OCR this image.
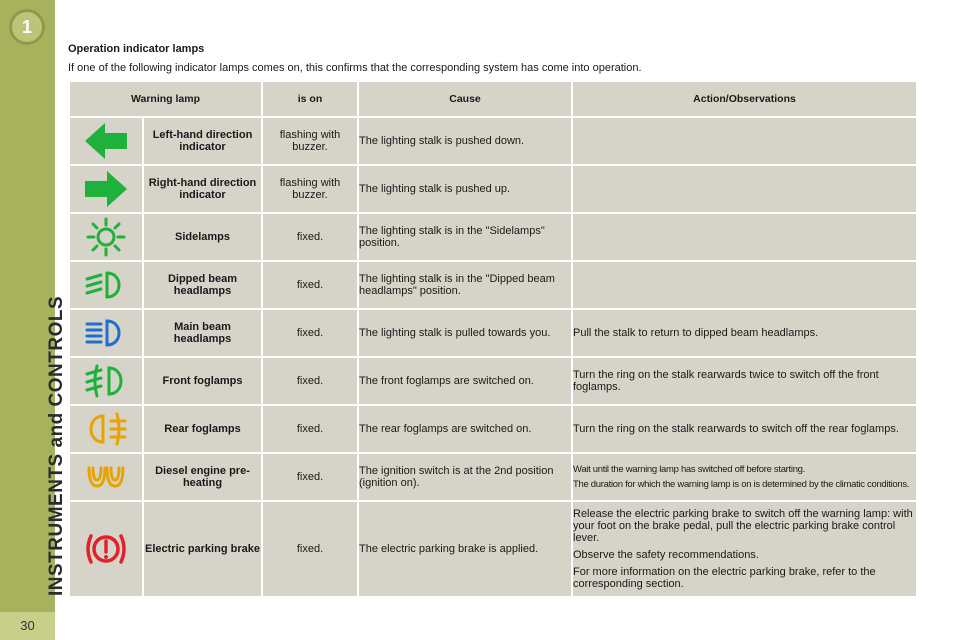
1
INSTRUMENTS and CONTROLS
30
Operation indicator lamps
If one of the following indicator lamps comes on, this confirms that the corresponding system has come into operation.
Warning lamp		is on	Cause	Action/Observations

	Left-hand direction indicator	flashing with buzzer.	The lighting stalk is pushed down.	

	Right-hand direction indicator	flashing with buzzer.	The lighting stalk is pushed up.	

	Sidelamps	fixed.	The lighting stalk is in the "Sidelamps" position.	

	Dipped beam headlamps	fixed.	The lighting stalk is in the "Dipped beam headlamps" position.	

	Main beam headlamps	fixed.	The lighting stalk is pulled towards you.	Pull the stalk to return to dipped beam headlamps.

	Front foglamps	fixed.	The front foglamps are switched on.	Turn the ring on the stalk rearwards twice to switch off the front foglamps.

	Rear foglamps	fixed.	The rear foglamps are switched on.	Turn the ring on the stalk rearwards to switch off the rear foglamps.

	Diesel engine pre-heating	fixed.	The ignition switch is at the 2nd position (ignition on).	Wait until the warning lamp has switched off before starting.
The duration for which the warning lamp is on is determined by the climatic conditions.

	Electric parking brake	fixed.	The electric parking brake is applied.	Release the electric parking brake to switch off the warning lamp: with your foot on the brake pedal, pull the electric parking brake control lever.
Observe the safety recommendations.
For more information on the electric parking brake, refer to the corresponding section.
